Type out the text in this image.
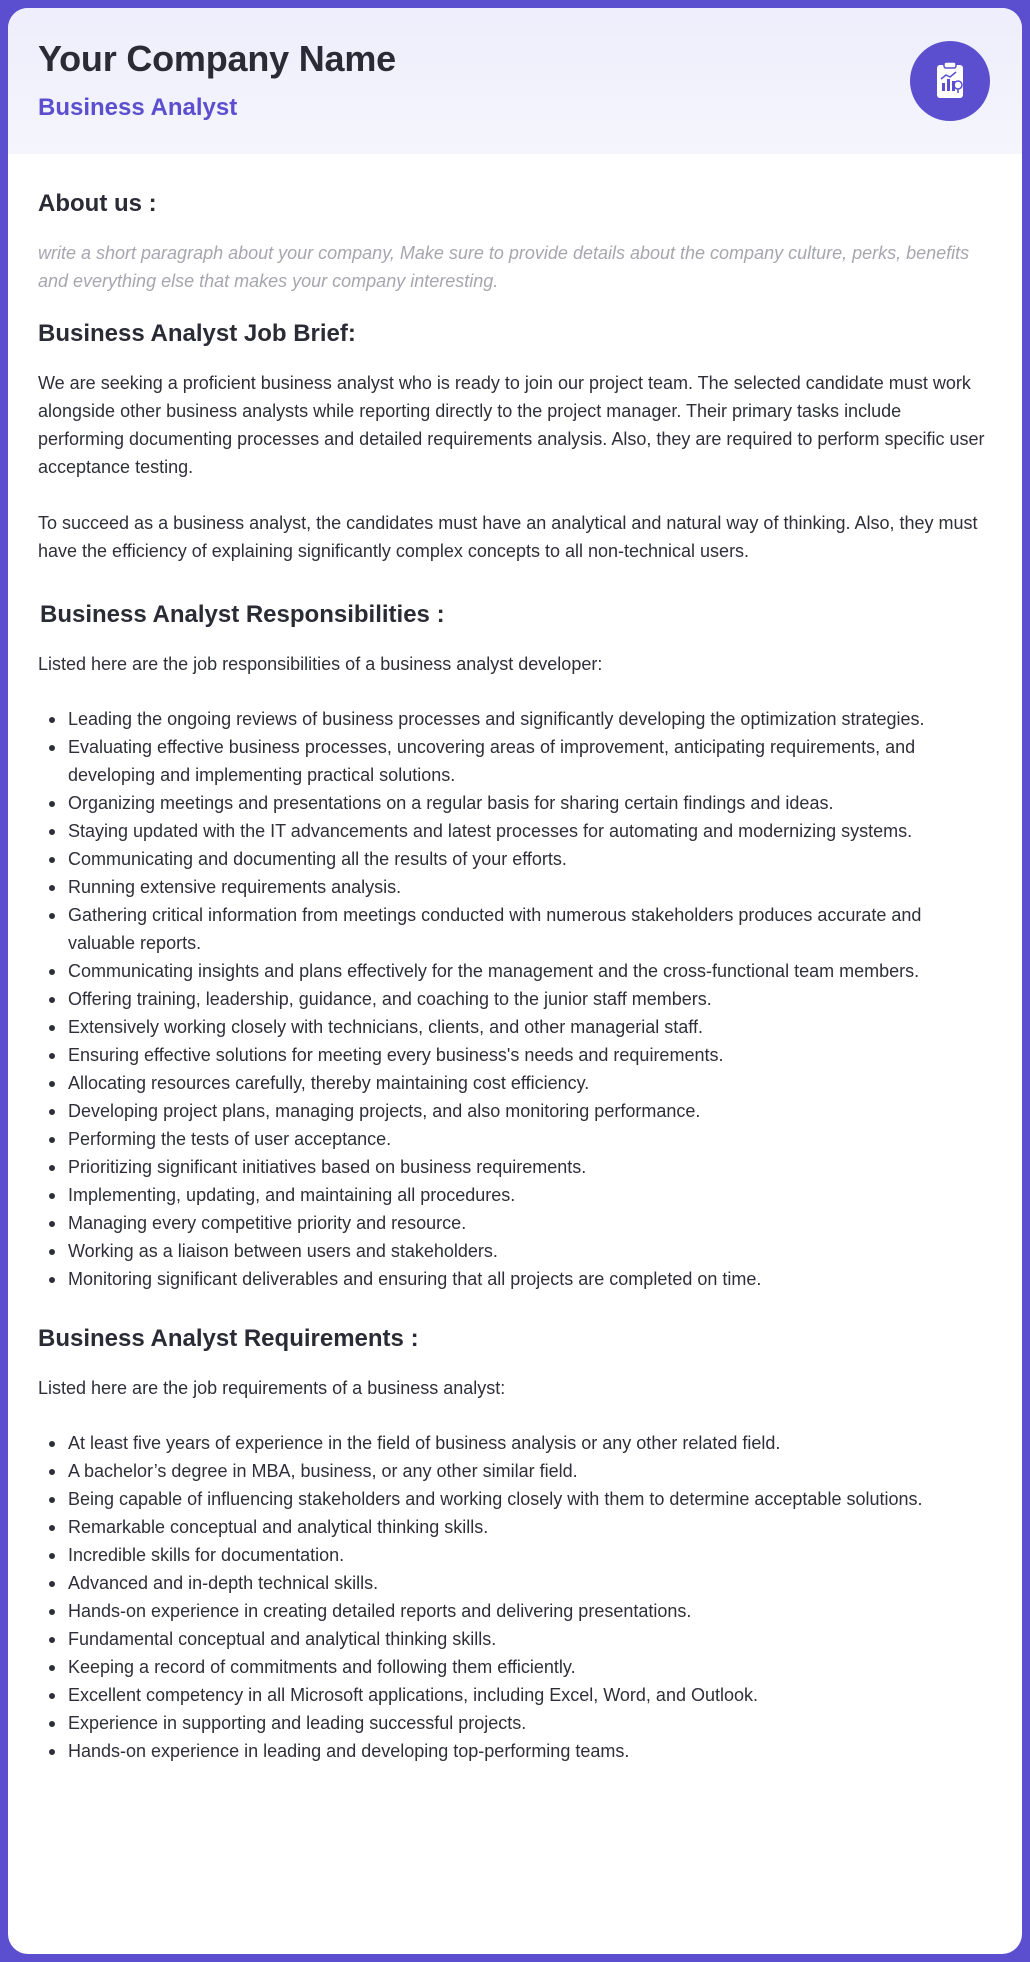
Your Company Name
Business Analyst
About us :

write a short paragraph about your company, Make sure to provide details about the company culture, perks, benefits and everything else that makes your company interesting.

Business Analyst Job Brief:

We are seeking a proficient business analyst who is ready to join our project team. The selected candidate must work alongside other business analysts while reporting directly to the project manager. Their primary tasks include performing documenting processes and detailed requirements analysis. Also, they are required to perform specific user acceptance testing.

To succeed as a business analyst, the candidates must have an analytical and natural way of thinking. Also, they must have the efficiency of explaining significantly complex concepts to all non-technical users.

Business Analyst Responsibilities :

Listed here are the job responsibilities of a business analyst developer:

Leading the ongoing reviews of business processes and significantly developing the optimization strategies.
Evaluating effective business processes, uncovering areas of improvement, anticipating requirements, and developing and implementing practical solutions.
Organizing meetings and presentations on a regular basis for sharing certain findings and ideas.
Staying updated with the IT advancements and latest processes for automating and modernizing systems.
Communicating and documenting all the results of your efforts.
Running extensive requirements analysis.
Gathering critical information from meetings conducted with numerous stakeholders produces accurate and valuable reports.
Communicating insights and plans effectively for the management and the cross-functional team members.
Offering training, leadership, guidance, and coaching to the junior staff members.
Extensively working closely with technicians, clients, and other managerial staff.
Ensuring effective solutions for meeting every business's needs and requirements.
Allocating resources carefully, thereby maintaining cost efficiency.
Developing project plans, managing projects, and also monitoring performance.
Performing the tests of user acceptance.
Prioritizing significant initiatives based on business requirements.
Implementing, updating, and maintaining all procedures.
Managing every competitive priority and resource.
Working as a liaison between users and stakeholders.
Monitoring significant deliverables and ensuring that all projects are completed on time.
Business Analyst Requirements :

Listed here are the job requirements of a business analyst:

At least five years of experience in the field of business analysis or any other related field.
A bachelor’s degree in MBA, business, or any other similar field.
Being capable of influencing stakeholders and working closely with them to determine acceptable solutions.
Remarkable conceptual and analytical thinking skills.
Incredible skills for documentation.
Advanced and in-depth technical skills.
Hands-on experience in creating detailed reports and delivering presentations.
Fundamental conceptual and analytical thinking skills.
Keeping a record of commitments and following them efficiently.
Excellent competency in all Microsoft applications, including Excel, Word, and Outlook.
Experience in supporting and leading successful projects.
Hands-on experience in leading and developing top-performing teams.
